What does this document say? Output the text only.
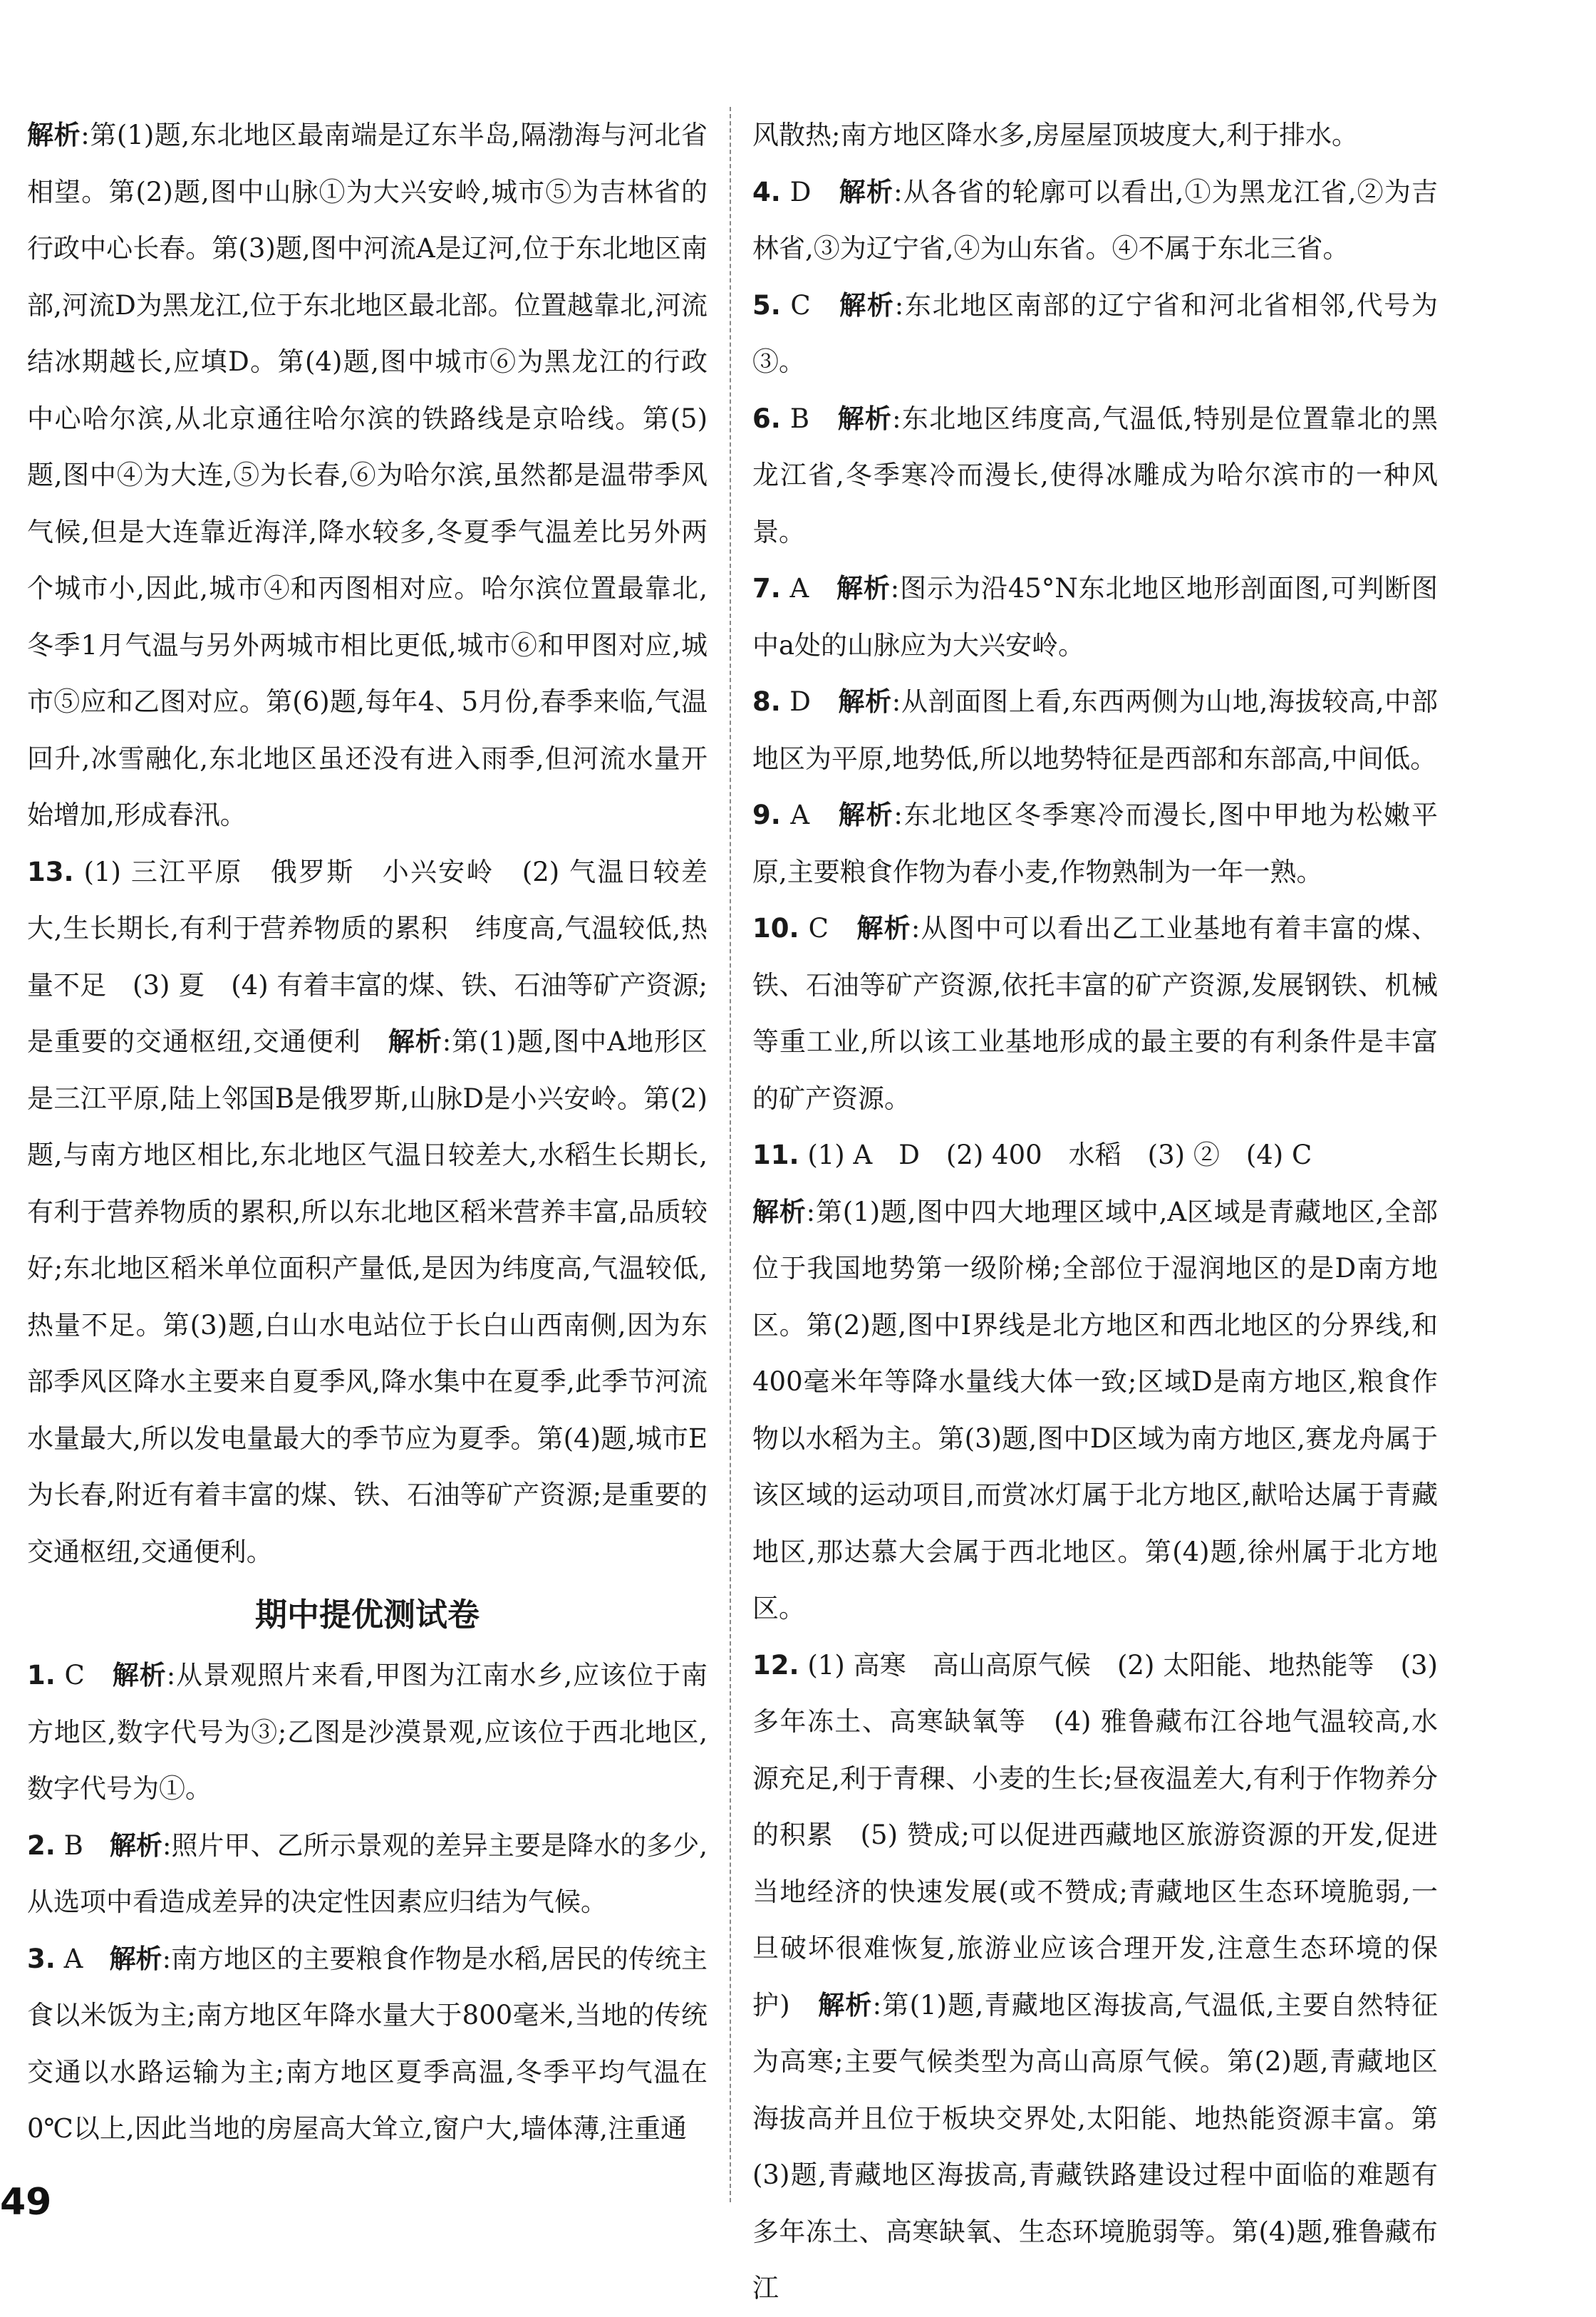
解析:第(1)题,东北地区最南端是辽东半岛,隔渤海与河北省相望。第(2)题,图中山脉①为大兴安岭,城市⑤为吉林省的行政中心长春。第(3)题,图中河流A是辽河,位于东北地区南部,河流D为黑龙江,位于东北地区最北部。位置越靠北,河流结冰期越长,应填D。第(4)题,图中城市⑥为黑龙江的行政中心哈尔滨,从北京通往哈尔滨的铁路线是京哈线。第(5)题,图中④为大连,⑤为长春,⑥为哈尔滨,虽然都是温带季风气候,但是大连靠近海洋,降水较多,冬夏季气温差比另外两个城市小,因此,城市④和丙图相对应。哈尔滨位置最靠北,冬季1月气温与另外两城市相比更低,城市⑥和甲图对应,城市⑤应和乙图对应。第(6)题,每年4、5月份,春季来临,气温回升,冰雪融化,东北地区虽还没有进入雨季,但河流水量开始增加,形成春汛。

13. (1) 三江平原　俄罗斯　小兴安岭　(2) 气温日较差大,生长期长,有利于营养物质的累积　纬度高,气温较低,热量不足　(3) 夏　(4) 有着丰富的煤、铁、石油等矿产资源;是重要的交通枢纽,交通便利　解析:第(1)题,图中A地形区是三江平原,陆上邻国B是俄罗斯,山脉D是小兴安岭。第(2)题,与南方地区相比,东北地区气温日较差大,水稻生长期长,有利于营养物质的累积,所以东北地区稻米营养丰富,品质较好;东北地区稻米单位面积产量低,是因为纬度高,气温较低,热量不足。第(3)题,白山水电站位于长白山西南侧,因为东部季风区降水主要来自夏季风,降水集中在夏季,此季节河流水量最大,所以发电量最大的季节应为夏季。第(4)题,城市E为长春,附近有着丰富的煤、铁、石油等矿产资源;是重要的交通枢纽,交通便利。

期中提优测试卷

1. C　解析:从景观照片来看,甲图为江南水乡,应该位于南方地区,数字代号为③;乙图是沙漠景观,应该位于西北地区,数字代号为①。

2. B　解析:照片甲、乙所示景观的差异主要是降水的多少,从选项中看造成差异的决定性因素应归结为气候。

3. A　解析:南方地区的主要粮食作物是水稻,居民的传统主食以米饭为主;南方地区年降水量大于800毫米,当地的传统交通以水路运输为主;南方地区夏季高温,冬季平均气温在0℃以上,因此当地的房屋高大耸立,窗户大,墙体薄,注重通

风散热;南方地区降水多,房屋屋顶坡度大,利于排水。

4. D　解析:从各省的轮廓可以看出,①为黑龙江省,②为吉林省,③为辽宁省,④为山东省。④不属于东北三省。

5. C　解析:东北地区南部的辽宁省和河北省相邻,代号为③。

6. B　解析:东北地区纬度高,气温低,特别是位置靠北的黑龙江省,冬季寒冷而漫长,使得冰雕成为哈尔滨市的一种风景。

7. A　解析:图示为沿45°N东北地区地形剖面图,可判断图中a处的山脉应为大兴安岭。

8. D　解析:从剖面图上看,东西两侧为山地,海拔较高,中部地区为平原,地势低,所以地势特征是西部和东部高,中间低。

9. A　解析:东北地区冬季寒冷而漫长,图中甲地为松嫩平原,主要粮食作物为春小麦,作物熟制为一年一熟。

10. C　解析:从图中可以看出乙工业基地有着丰富的煤、铁、石油等矿产资源,依托丰富的矿产资源,发展钢铁、机械等重工业,所以该工业基地形成的最主要的有利条件是丰富的矿产资源。

11. (1) A　D　(2) 400　水稻　(3) ②　(4) C

解析:第(1)题,图中四大地理区域中,A区域是青藏地区,全部位于我国地势第一级阶梯;全部位于湿润地区的是D南方地区。第(2)题,图中Ⅰ界线是北方地区和西北地区的分界线,和400毫米年等降水量线大体一致;区域D是南方地区,粮食作物以水稻为主。第(3)题,图中D区域为南方地区,赛龙舟属于该区域的运动项目,而赏冰灯属于北方地区,献哈达属于青藏地区,那达慕大会属于西北地区。第(4)题,徐州属于北方地区。

12. (1) 高寒　高山高原气候　(2) 太阳能、地热能等　(3) 多年冻土、高寒缺氧等　(4) 雅鲁藏布江谷地气温较高,水源充足,利于青稞、小麦的生长;昼夜温差大,有利于作物养分的积累　(5) 赞成;可以促进西藏地区旅游资源的开发,促进当地经济的快速发展(或不赞成;青藏地区生态环境脆弱,一旦破坏很难恢复,旅游业应该合理开发,注意生态环境的保护)　解析:第(1)题,青藏地区海拔高,气温低,主要自然特征为高寒;主要气候类型为高山高原气候。第(2)题,青藏地区海拔高并且位于板块交界处,太阳能、地热能资源丰富。第(3)题,青藏地区海拔高,青藏铁路建设过程中面临的难题有多年冻土、高寒缺氧、生态环境脆弱等。第(4)题,雅鲁藏布江

49
